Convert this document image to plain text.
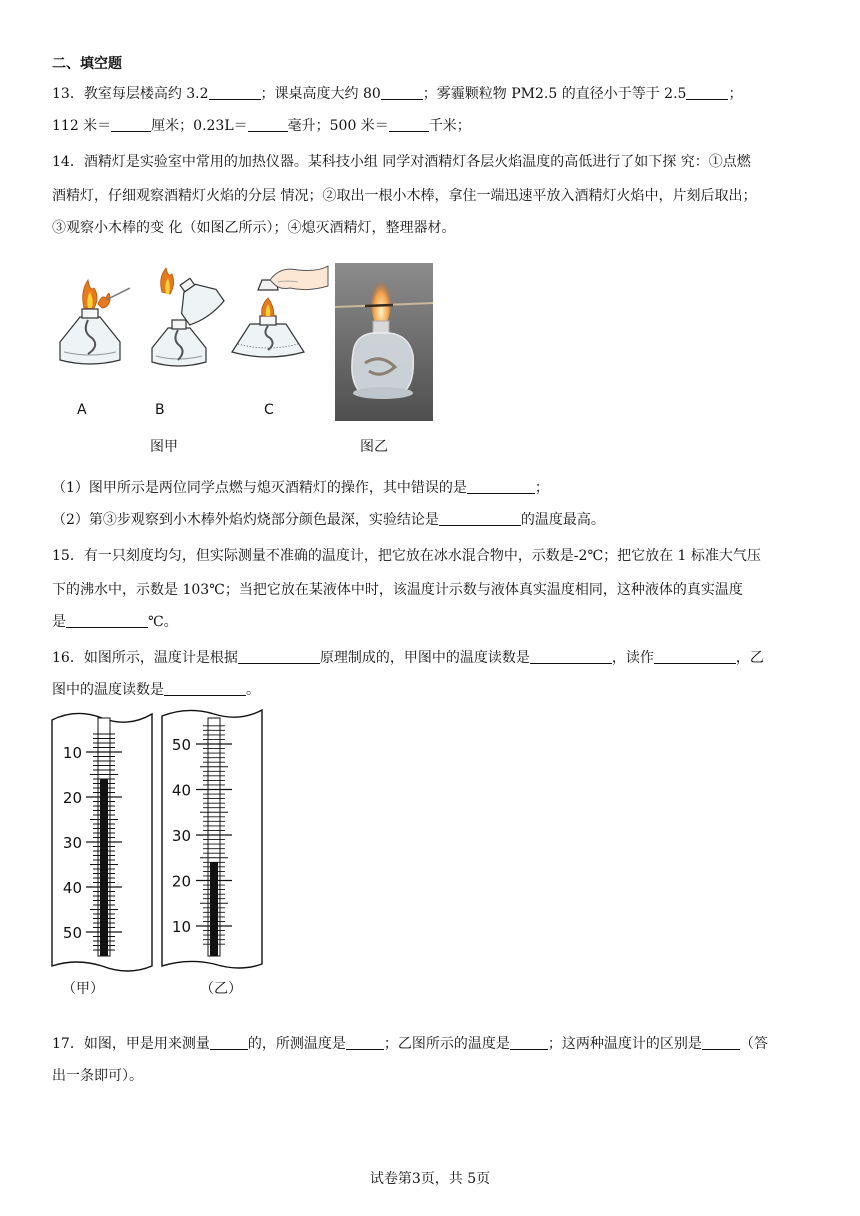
二、填空题
13．教室每层楼高约 3.2	；课桌高度大约 80	；雾霾颗粒物 PM2.5 的直径小于等于 2.5	；
112 米＝	厘米；0.23L＝	毫升；500 米＝	千米；
14．酒精灯是实验室中常用的加热仪器。某科技小组 同学对酒精灯各层火焰温度的高低进行了如下探 究：①点燃
酒精灯，仔细观察酒精灯火焰的分层 情况；②取出一根小木棒，拿住一端迅速平放入酒精灯火焰中，片刻后取出；
③观察小木棒的变 化（如图乙所示）；④熄灭酒精灯，整理器材。
A	B	C
图甲	图乙
（1）图甲所示是两位同学点燃与熄灭酒精灯的操作，其中错误的是	；
（2）第③步观察到小木棒外焰灼烧部分颜色最深，实验结论是	的温度最高。
15．有一只刻度均匀，但实际测量不准确的温度计，把它放在冰水混合物中，示数是-2℃；把它放在 1 标准大气压
下的沸水中，示数是 103℃；当把它放在某液体中时，该温度计示数与液体真实温度相同，这种液体的真实温度
是	℃。
16．如图所示，温度计是根据	原理制成的，甲图中的温度读数是	，读作	，乙
图中的温度读数是	。
10
20
30
40
50
50
40
30
20
10
（甲）	（乙）
17．如图，甲是用来测量	的，所测温度是	；乙图所示的温度是	；这两种温度计的区别是	（答
出一条即可）。
试卷第3页，共 5页
